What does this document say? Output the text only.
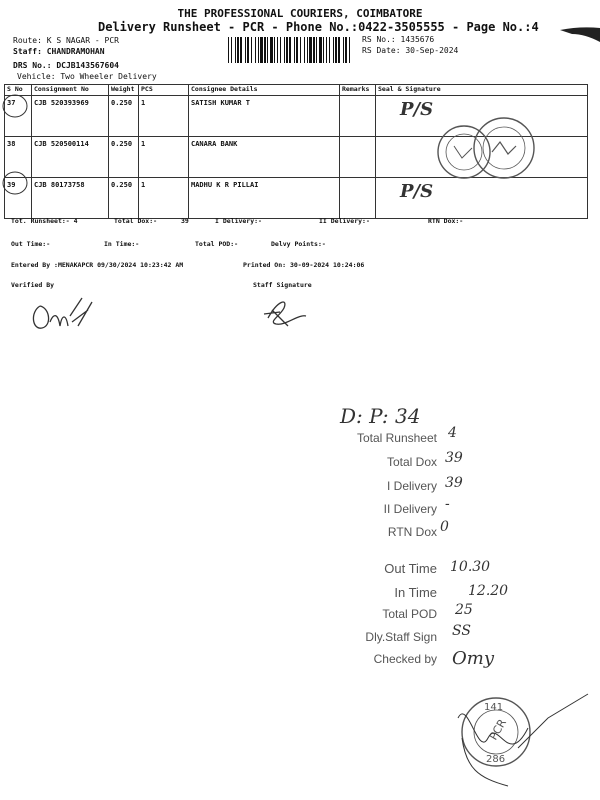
THE PROFESSIONAL COURIERS, COIMBATORE
Delivery Runsheet - PCR - Phone No.:0422-3505555 - Page No.:4
Route: K S NAGAR - PCR
Staff: CHANDRAMOHAN
DRS No.: DCJB143567604
Vehicle: Two Wheeler Delivery
RS No.: 1435676
RS Date: 30-Sep-2024
S No	Consignment No	Weight	PCS	Consignee Details	Remarks	Seal & Signature
37	CJB 520393969	0.250	1	SATISH KUMAR T		P/S
38	CJB 520500114	0.250	1	CANARA BANK		
39	CJB 80173758	0.250	1	MADHU K R PILLAI		P/S
Tot. Runsheet:- 4	Total Dox:-	39	I Delivery:-	II Delivery:-	RTN Dox:-
Out Time:-	In Time:-	Total POD:-	Delvy Points:-
Entered By :MENAKAPCR 09/30/2024 10:23:42 AM	Printed On: 30-09-2024 10:24:06
Verified By	Staff Signature
D: P: 34
Total Runsheet 4
Total Dox 39
I Delivery 39
II Delivery -
RTN Dox 0
Out Time 10.30
In Time 12.20
Total POD 25
Dly.Staff Sign SS
Checked by Omy
141
PCR
286
